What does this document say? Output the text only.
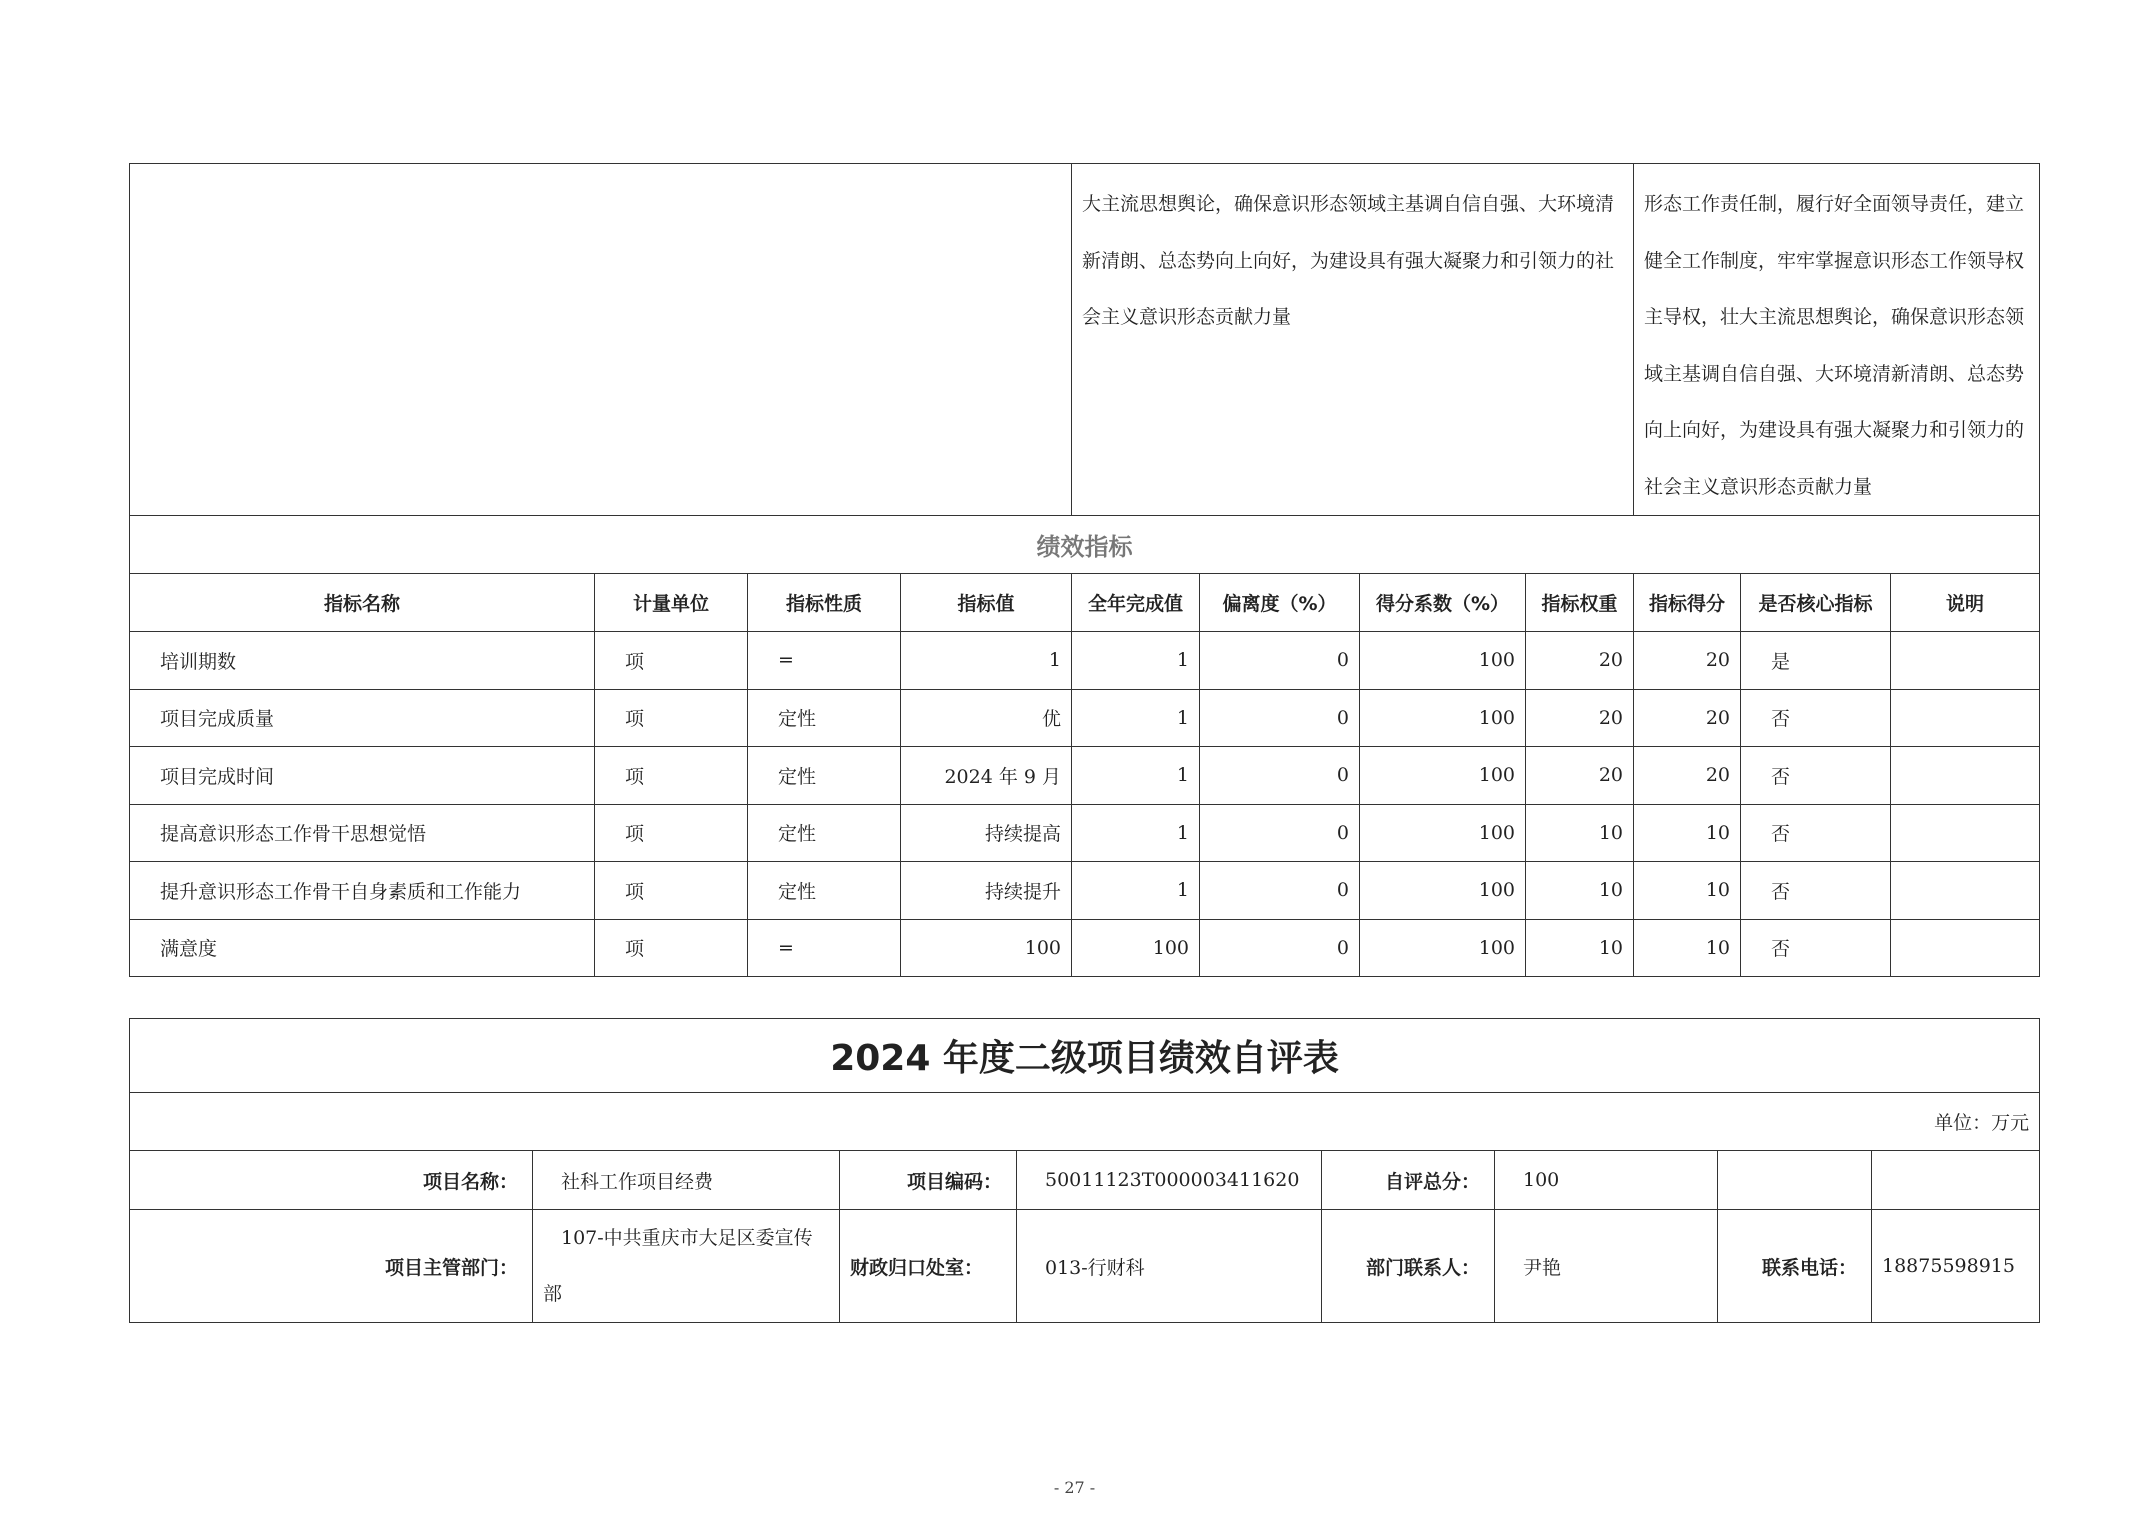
				大主流思想舆论，确保意识形态领域主基调自信自强、大环境清新清朗、总态势向上向好，为建设具有强大凝聚力和引领力的社会主义意识形态贡献力量				形态工作责任制，履行好全面领导责任，建立健全工作制度，牢牢掌握意识形态工作领导权主导权，壮大主流思想舆论，确保意识形态领域主基调自信自强、大环境清新清朗、总态势向上向好，为建设具有强大凝聚力和引领力的社会主义意识形态贡献力量		
绩效指标										
指标名称	计量单位	指标性质	指标值	全年完成值	偏离度（%）	得分系数（%）	指标权重	指标得分	是否核心指标	说明
培训期数	项	=	1	1	0	100	20	20	是	
项目完成质量	项	定性	优	1	0	100	20	20	否	
项目完成时间	项	定性	2024 年 9 月	1	0	100	20	20	否	
提高意识形态工作骨干思想觉悟	项	定性	持续提高	1	0	100	10	10	否	
提升意识形态工作骨干自身素质和工作能力	项	定性	持续提升	1	0	100	10	10	否	
满意度	项	=	100	100	0	100	10	10	否	
2024 年度二级项目绩效自评表							
单位：万元							
项目名称：	社科工作项目经费	项目编码：	50011123T000003411620	自评总分：	100		
项目主管部门：	107-中共重庆市大足区委宣传部	财政归口处室：	013-行财科	部门联系人：	尹艳	联系电话：	18875598915
- 27 -
